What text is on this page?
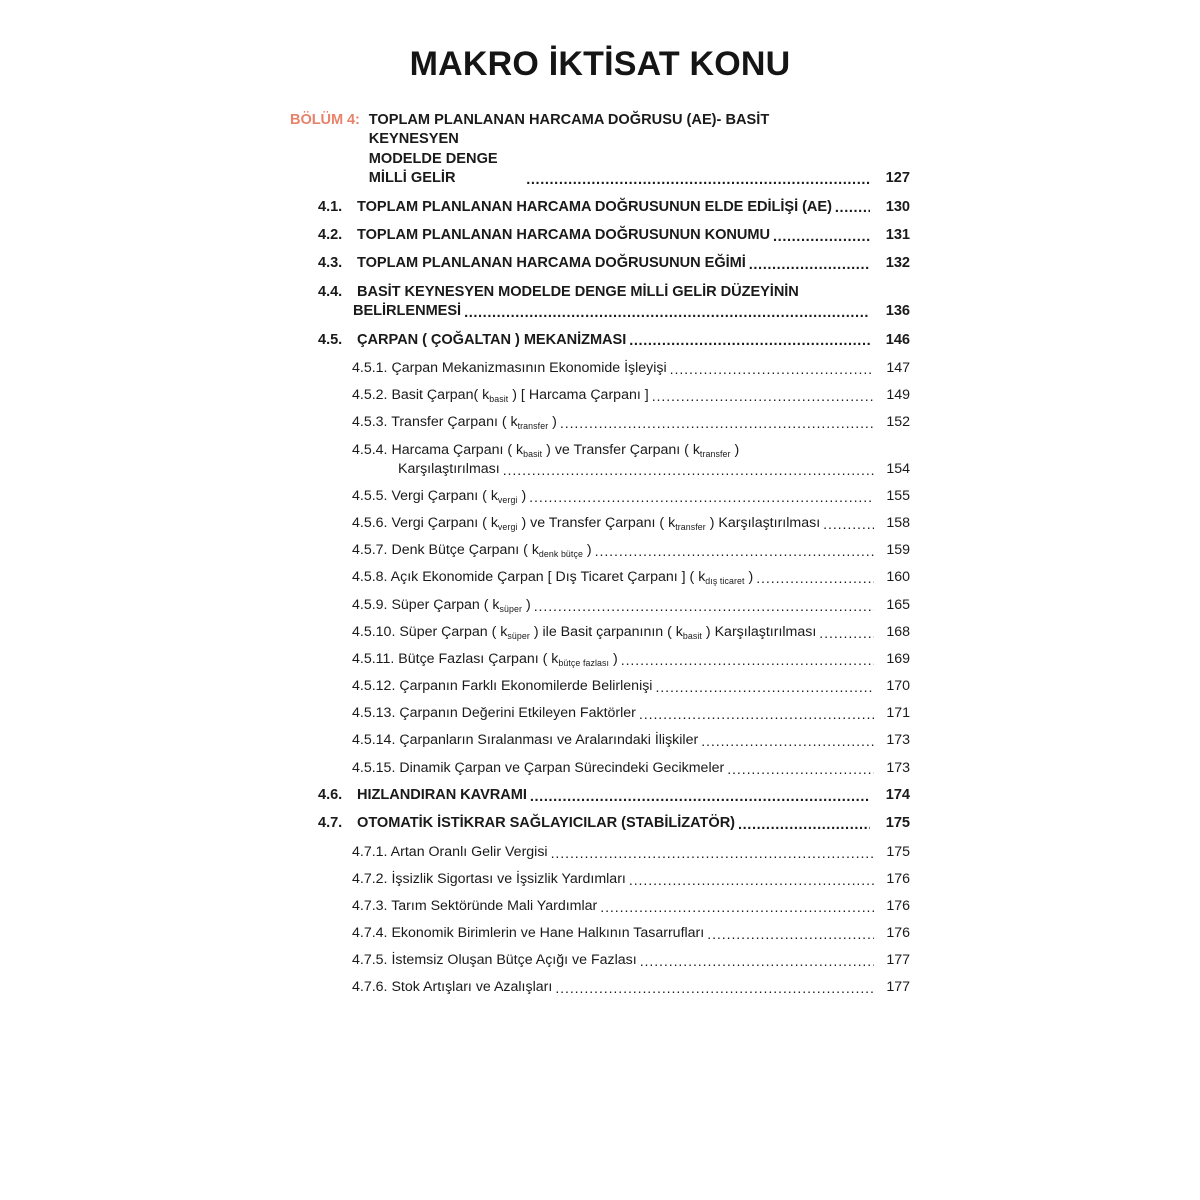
MAKRO İKTİSAT KONU
BÖLÜM 4: TOPLAM PLANLANAN HARCAMA DOĞRUSU (AE)- BASİT
KEYNESYEN MODELDE DENGE MİLLİ GELİR .....	127
4.1. TOPLAM PLANLANAN HARCAMA DOĞRUSUNUN ELDE EDİLİŞİ (AE) .....	130
4.2. TOPLAM PLANLANAN HARCAMA DOĞRUSUNUN KONUMU .....	131
4.3. TOPLAM PLANLANAN HARCAMA DOĞRUSUNUN EĞİMİ .....	132
4.4. BASİT KEYNESYEN MODELDE DENGE MİLLİ GELİR DÜZEYİNİN
BELİRLENMESİ .....	136
4.5. ÇARPAN ( ÇOĞALTAN ) MEKANİZMASI .....	146
4.5.1. Çarpan Mekanizmasının Ekonomide İşleyişi .....	147
4.5.2. Basit Çarpan( $k_{basit}$ ) [ Harcama Çarpanı ] .....	149
4.5.3. Transfer Çarpanı ( $k_{transfer}$ ) .....	152
4.5.4. Harcama Çarpanı ( $k_{basit}$ ) ve Transfer Çarpanı ( $k_{transfer}$ )
Karşılaştırılması .....	154
4.5.5. Vergi Çarpanı ( $k_{vergi}$ ) .....	155
4.5.6. Vergi Çarpanı ( $k_{vergi}$ ) ve Transfer Çarpanı ( $k_{transfer}$ ) Karşılaştırılması .....	158
4.5.7. Denk Bütçe Çarpanı ( $k_{denk bütçe}$ ) .....	159
4.5.8. Açık Ekonomide Çarpan [ Dış Ticaret Çarpanı ] ( $k_{dış ticaret}$ ) .....	160
4.5.9. Süper Çarpan ( $k_{süper}$ ) .....	165
4.5.10. Süper Çarpan ( $k_{süper}$ ) ile Basit çarpanının ( $k_{basit}$ ) Karşılaştırılması .....	168
4.5.11. Bütçe Fazlası Çarpanı ( $k_{bütçe fazlası}$ ) .....	169
4.5.12. Çarpanın Farklı Ekonomilerde Belirlenişi .....	170
4.5.13. Çarpanın Değerini Etkileyen Faktörler .....	171
4.5.14. Çarpanların Sıralanması ve Aralarındaki İlişkiler .....	173
4.5.15. Dinamik Çarpan ve Çarpan Sürecindeki Gecikmeler .....	173
4.6. HIZLANDIRAN KAVRAMI .....	174
4.7. OTOMATİK İSTİKRAR SAĞLAYICILAR (STABİLİZATÖR) .....	175
4.7.1. Artan Oranlı Gelir Vergisi .....	175
4.7.2. İşsizlik Sigortası ve İşsizlik Yardımları .....	176
4.7.3. Tarım Sektöründe Mali Yardımlar .....	176
4.7.4. Ekonomik Birimlerin ve Hane Halkının Tasarrufları .....	176
4.7.5. İstemsiz Oluşan Bütçe Açığı ve Fazlası .....	177
4.7.6. Stok Artışları ve Azalışları .....	177
